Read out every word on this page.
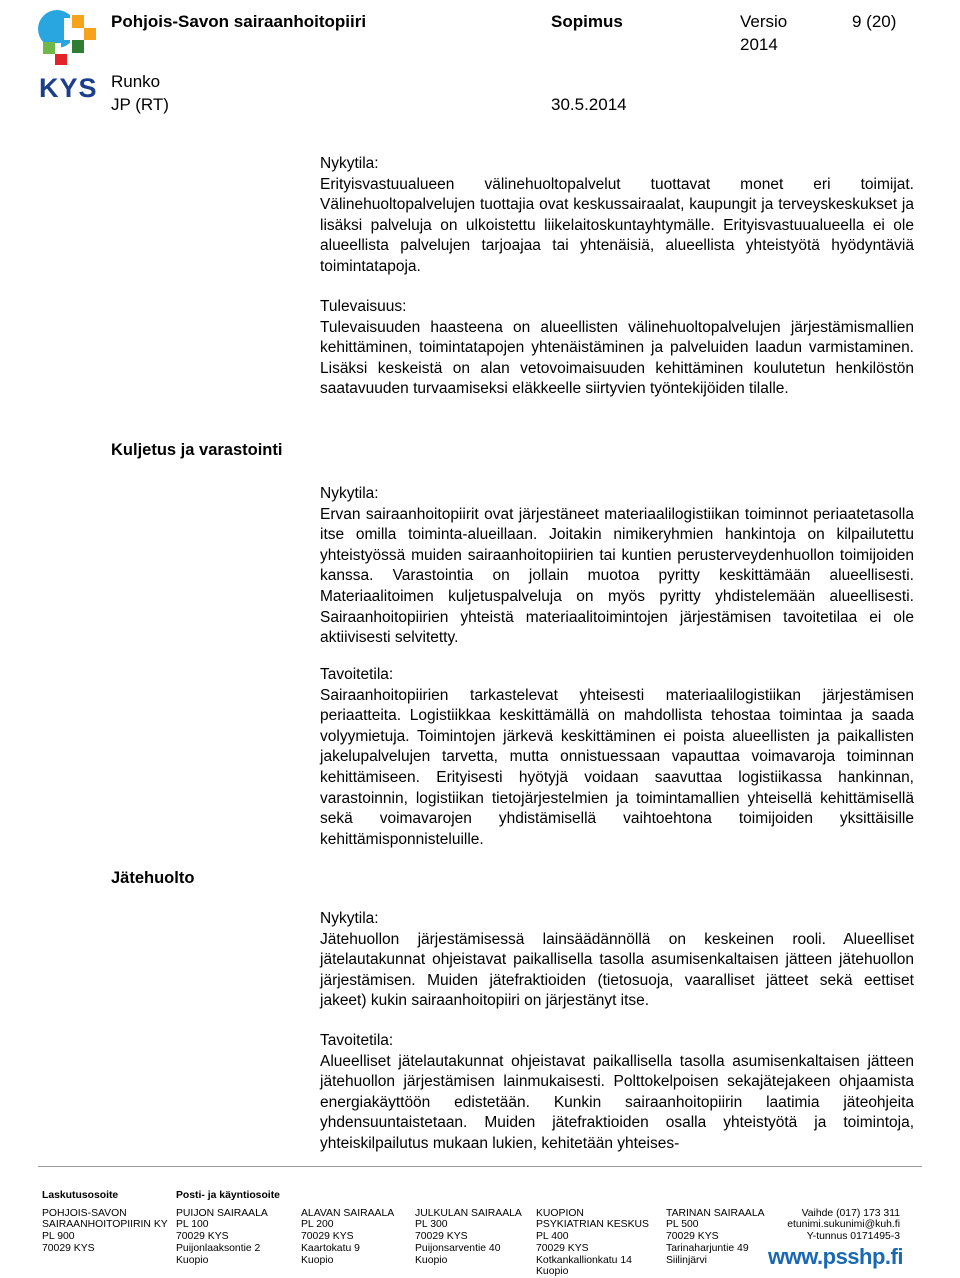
KYS
Pohjois-Savon sairaanhoitopiiri	Sopimus	Versio	9 (20)
2014
Runko
JP (RT)	30.5.2014

Nykytila:
Erityisvastuualueen välinehuoltopalvelut tuottavat monet eri toimijat. Välinehuoltopalvelujen tuottajia ovat keskussairaalat, kaupungit ja terveyskeskukset ja lisäksi palveluja on ulkoistettu liikelaitoskuntayhtymälle. Erityisvastuualueella ei ole alueellista palvelujen tarjoajaa tai yhtenäisiä, alueellista yhteistyötä hyödyntäviä toimintatapoja.

Tulevaisuus:
Tulevaisuuden haasteena on alueellisten välinehuoltopalvelujen järjestämismallien kehittäminen, toimintatapojen yhtenäistäminen ja palveluiden laadun varmistaminen. Lisäksi keskeistä on alan vetovoimaisuuden kehittäminen koulutetun henkilöstön saatavuuden turvaamiseksi eläkkeelle siirtyvien työntekijöiden tilalle.

Kuljetus ja varastointi

Nykytila:
Ervan sairaanhoitopiirit ovat järjestäneet materiaalilogistiikan toiminnot periaatetasolla itse omilla toiminta-alueillaan. Joitakin nimikeryhmien hankintoja on kilpailutettu yhteistyössä muiden sairaanhoitopiirien tai kuntien perusterveydenhuollon toimijoiden kanssa. Varastointia on jollain muotoa pyritty keskittämään alueellisesti. Materiaalitoimen kuljetuspalveluja on myös pyritty yhdistelemään alueellisesti. Sairaanhoitopiirien yhteistä materiaalitoimintojen järjestämisen tavoitetilaa ei ole aktiivisesti selvitetty.

Tavoitetila:
Sairaanhoitopiirien tarkastelevat yhteisesti materiaalilogistiikan järjestämisen periaatteita. Logistiikkaa keskittämällä on mahdollista tehostaa toimintaa ja saada volyymietuja. Toimintojen järkevä keskittäminen ei poista alueellisten ja paikallisten jakelupalvelujen tarvetta, mutta onnistuessaan vapauttaa voimavaroja toiminnan kehittämiseen. Erityisesti hyötyjä voidaan saavuttaa logistiikassa hankinnan, varastoinnin, logistiikan tietojärjestelmien ja toimintamallien yhteisellä kehittämisellä sekä voimavarojen yhdistämisellä vaihtoehtona toimijoiden yksittäisille kehittämisponnisteluille.

Jätehuolto

Nykytila:
Jätehuollon järjestämisessä lainsäädännöllä on keskeinen rooli. Alueelliset jätelautakunnat ohjeistavat paikallisella tasolla asumisenkaltaisen jätteen jätehuollon järjestämisen. Muiden jätefraktioiden (tietosuoja, vaaralliset jätteet sekä eettiset jakeet) kukin sairaanhoitopiiri on järjestänyt itse.

Tavoitetila:
Alueelliset jätelautakunnat ohjeistavat paikallisella tasolla asumisenkaltaisen jätteen jätehuollon järjestämisen lainmukaisesti. Polttokelpoisen sekajätejakeen ohjaamista energiakäyttöön edistetään. Kunkin sairaanhoitopiirin laatimia jäteohjeita yhdensuuntaistetaan. Muiden jätefraktioiden osalla yhteistyötä ja toimintoja, yhteiskilpailutus mukaan lukien, kehitetään yhteises-

Laskutusosoite
POHJOIS-SAVON
SAIRAANHOITOPIIRIN KY
PL 900
70029 KYS
Posti- ja käyntiosoite
PUIJON SAIRAALA
PL 100
70029 KYS
Puijonlaaksontie 2
Kuopio
ALAVAN SAIRAALA
PL 200
70029 KYS
Kaartokatu 9
Kuopio
JULKULAN SAIRAALA
PL 300
70029 KYS
Puijonsarventie 40
Kuopio
KUOPION
PSYKIATRIAN KESKUS
PL 400
70029 KYS
Kotkankallionkatu 14
Kuopio
TARINAN SAIRAALA
PL 500
70029 KYS
Tarinaharjuntie 49
Siilinjärvi
Vaihde (017) 173 311
etunimi.sukunimi@kuh.fi
Y-tunnus 0171495-3
www.psshp.fi
